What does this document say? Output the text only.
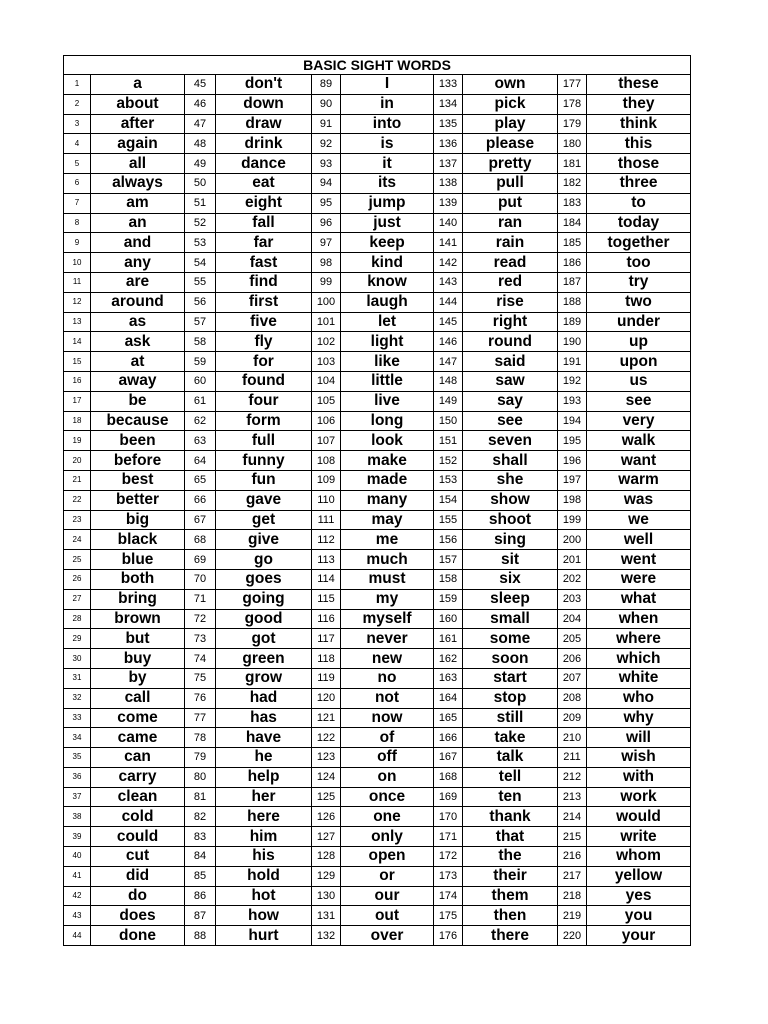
BASIC SIGHT WORDS									
1	a	45	don't	89	I	133	own	177	these
2	about	46	down	90	in	134	pick	178	they
3	after	47	draw	91	into	135	play	179	think
4	again	48	drink	92	is	136	please	180	this
5	all	49	dance	93	it	137	pretty	181	those
6	always	50	eat	94	its	138	pull	182	three
7	am	51	eight	95	jump	139	put	183	to
8	an	52	fall	96	just	140	ran	184	today
9	and	53	far	97	keep	141	rain	185	together
10	any	54	fast	98	kind	142	read	186	too
11	are	55	find	99	know	143	red	187	try
12	around	56	first	100	laugh	144	rise	188	two
13	as	57	five	101	let	145	right	189	under
14	ask	58	fly	102	light	146	round	190	up
15	at	59	for	103	like	147	said	191	upon
16	away	60	found	104	little	148	saw	192	us
17	be	61	four	105	live	149	say	193	see
18	because	62	form	106	long	150	see	194	very
19	been	63	full	107	look	151	seven	195	walk
20	before	64	funny	108	make	152	shall	196	want
21	best	65	fun	109	made	153	she	197	warm
22	better	66	gave	110	many	154	show	198	was
23	big	67	get	111	may	155	shoot	199	we
24	black	68	give	112	me	156	sing	200	well
25	blue	69	go	113	much	157	sit	201	went
26	both	70	goes	114	must	158	six	202	were
27	bring	71	going	115	my	159	sleep	203	what
28	brown	72	good	116	myself	160	small	204	when
29	but	73	got	117	never	161	some	205	where
30	buy	74	green	118	new	162	soon	206	which
31	by	75	grow	119	no	163	start	207	white
32	call	76	had	120	not	164	stop	208	who
33	come	77	has	121	now	165	still	209	why
34	came	78	have	122	of	166	take	210	will
35	can	79	he	123	off	167	talk	211	wish
36	carry	80	help	124	on	168	tell	212	with
37	clean	81	her	125	once	169	ten	213	work
38	cold	82	here	126	one	170	thank	214	would
39	could	83	him	127	only	171	that	215	write
40	cut	84	his	128	open	172	the	216	whom
41	did	85	hold	129	or	173	their	217	yellow
42	do	86	hot	130	our	174	them	218	yes
43	does	87	how	131	out	175	then	219	you
44	done	88	hurt	132	over	176	there	220	your
